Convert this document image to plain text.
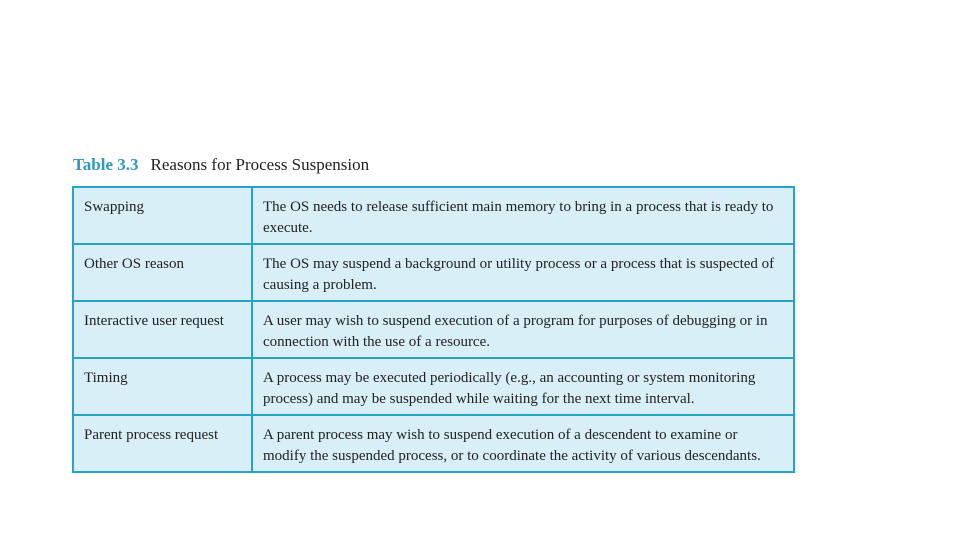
Table 3.3 Reasons for Process Suspension
Swapping	The OS needs to release sufficient main memory to bring in a process that is ready to execute.
Other OS reason	The OS may suspend a background or utility process or a process that is suspected of causing a problem.
Interactive user request	A user may wish to suspend execution of a program for purposes of debugging or in connection with the use of a resource.
Timing	A process may be executed periodically (e.g., an accounting or system monitoring process) and may be suspended while waiting for the next time interval.
Parent process request	A parent process may wish to suspend execution of a descendent to examine or modify the suspended process, or to coordinate the activity of various descendants.
